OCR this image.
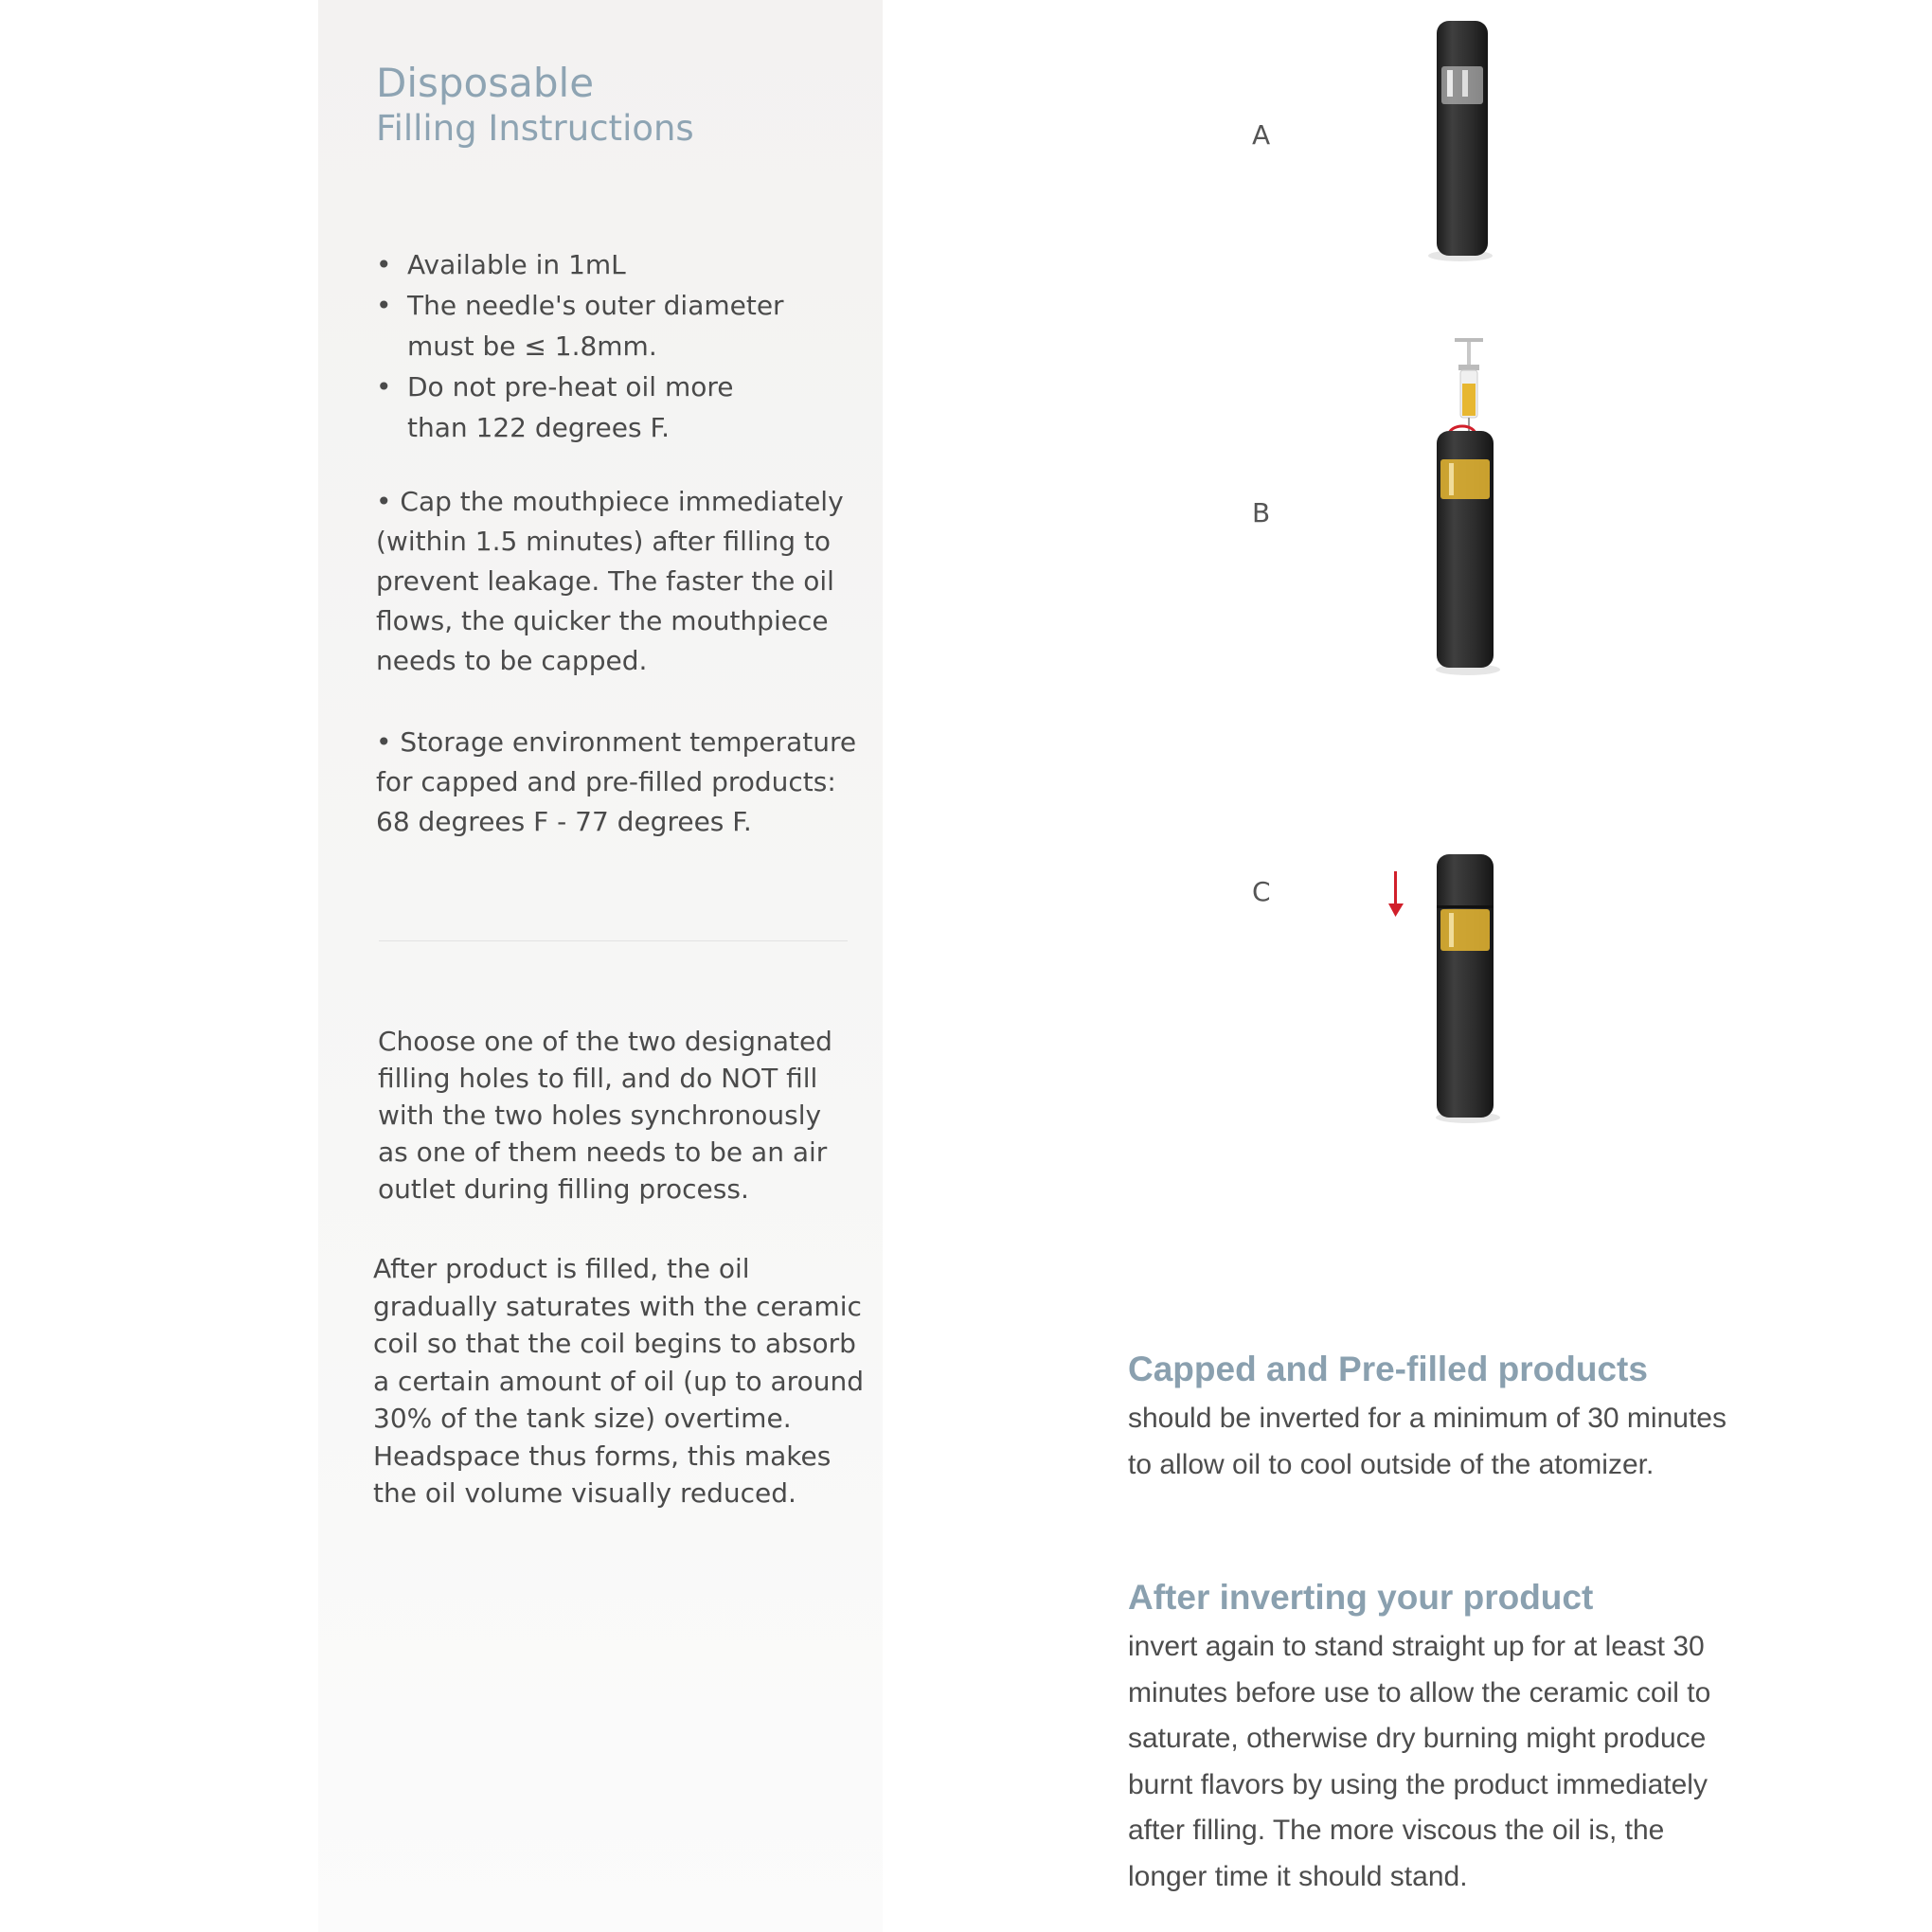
Disposable
Filling Instructions
• Available in 1mL
• The needle's outer diameter must be ≤ 1.8mm.
• Do not pre-heat oil more than 122 degrees F.
• Cap the mouthpiece immediately (within 1.5 minutes) after filling to prevent leakage. The faster the oil flows, the quicker the mouthpiece needs to be capped.
• Storage environment temperature for capped and pre-filled products: 68 degrees F - 77 degrees F.
Choose one of the two designated filling holes to fill, and do NOT fill with the two holes synchronously as one of them needs to be an air outlet during filling process.
After product is filled, the oil gradually saturates with the ceramic coil so that the coil begins to absorb a certain amount of oil (up to around 30% of the tank size) overtime. Headspace thus forms, this makes the oil volume visually reduced.
A
B
C
Capped and Pre-filled products
should be inverted for a minimum of 30 minutes to allow oil to cool outside of the atomizer.
After inverting your product
invert again to stand straight up for at least 30 minutes before use to allow the ceramic coil to saturate, otherwise dry burning might produce burnt flavors by using the product immediately after filling. The more viscous the oil is, the longer time it should stand.
